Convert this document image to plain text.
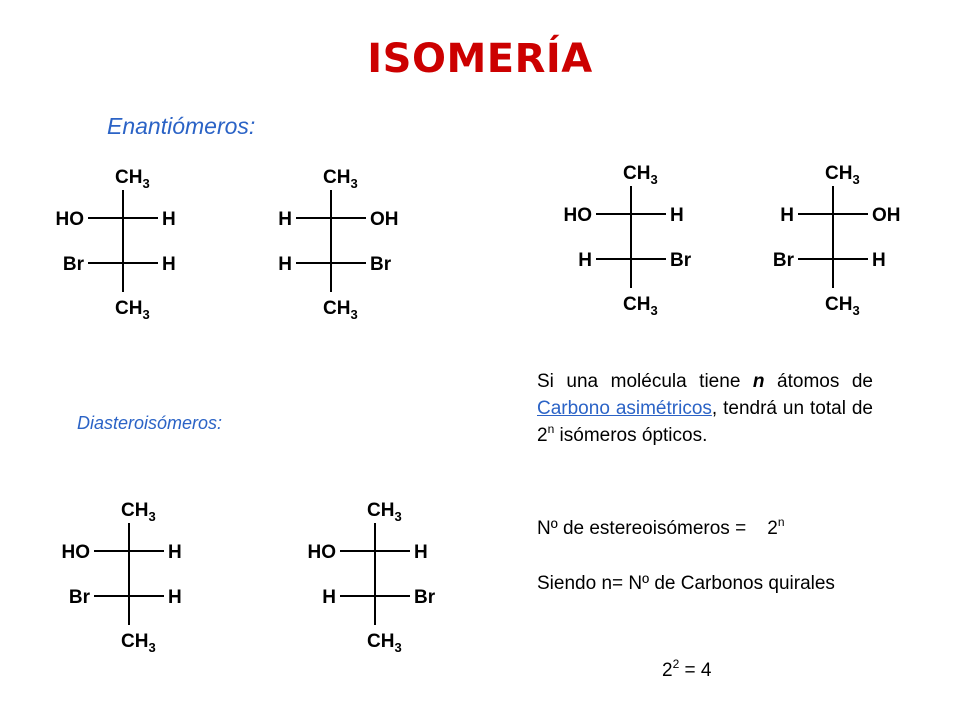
ISOMERÍA
Enantiómeros:
Diasteroisómeros:
$CH_3$
HO	H
Br	H
$CH_3$
$CH_3$
H	OH
H	Br
$CH_3$
$CH_3$
HO	H
H	Br
$CH_3$
$CH_3$
H	OH
Br	H
$CH_3$
$CH_3$
HO	H
Br	H
$CH_3$
$CH_3$
HO	H
H	Br
$CH_3$
Si una molécula tiene n átomos de Carbono asimétricos, tendrá un total de 2$^n$ isómeros ópticos.
Nº de estereoisómeros =    2$^n$
Siendo n= Nº de Carbonos quirales
$2^2 = 4$
